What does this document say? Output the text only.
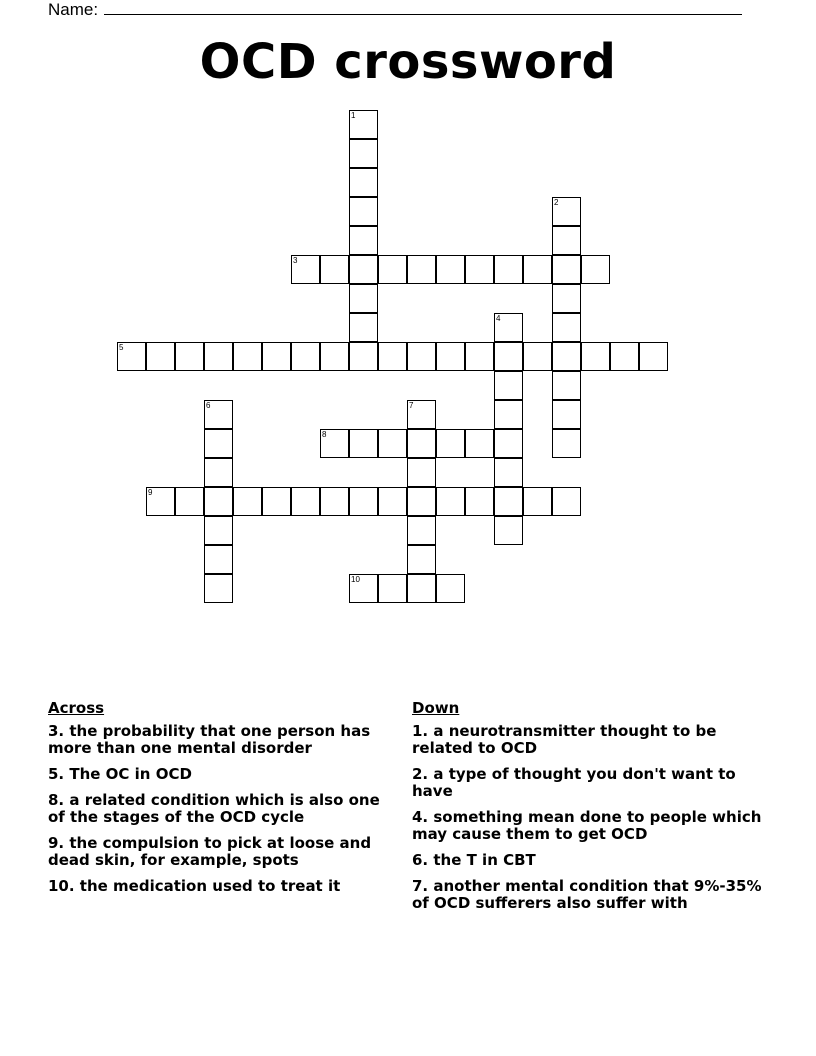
Name:
OCD crossword
1
2
3
4
5
6	7
8
9
10
Across
3. the probability that one person has more than one mental disorder
5. The OC in OCD
8. a related condition which is also one of the stages of the OCD cycle
9. the compulsion to pick at loose and dead skin, for example, spots
10. the medication used to treat it
Down
1. a neurotransmitter thought to be related to OCD
2. a type of thought you don't want to have
4. something mean done to people which may cause them to get OCD
6. the T in CBT
7. another mental condition that 9%-35% of OCD sufferers also suffer with
